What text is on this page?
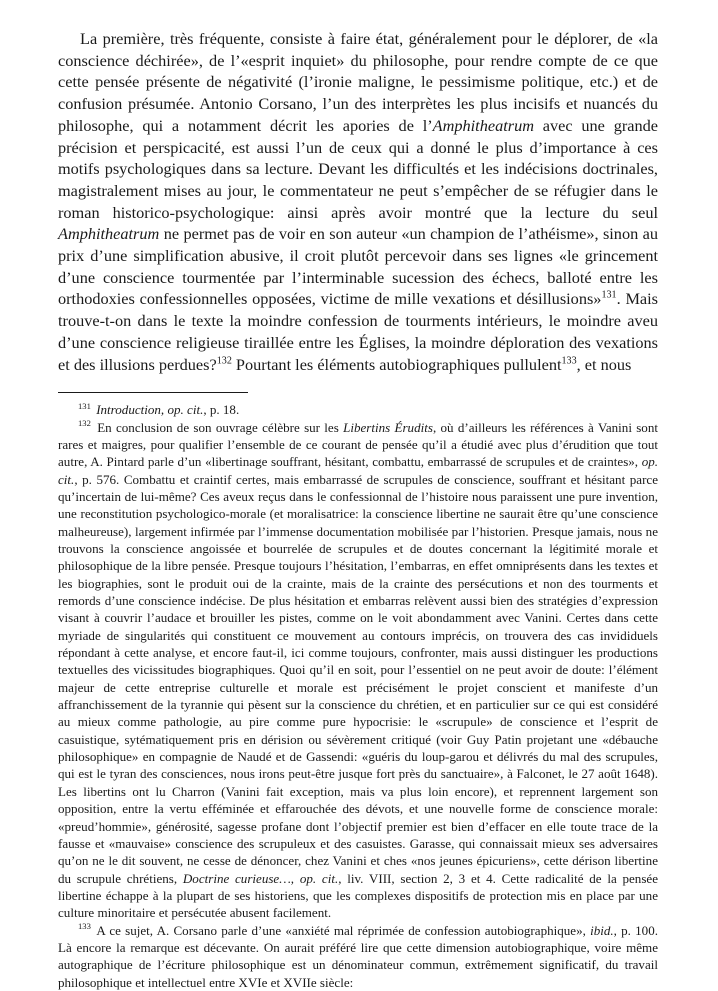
La première, très fréquente, consiste à faire état, généralement pour le déplorer, de «la conscience déchirée», de l’«esprit inquiet» du philosophe, pour rendre compte de ce que cette pensée présente de négativité (l’ironie maligne, le pessimisme politique, etc.) et de confusion présumée. Antonio Corsano, l’un des interprètes les plus incisifs et nuancés du philosophe, qui a notamment décrit les apories de l’Amphitheatrum avec une grande précision et perspicacité, est aussi l’un de ceux qui a donné le plus d’importance à ces motifs psychologiques dans sa lecture. Devant les difficultés et les indécisions doctrinales, magistralement mises au jour, le commentateur ne peut s’empêcher de se réfugier dans le roman historico-psychologique: ainsi après avoir montré que la lecture du seul Amphitheatrum ne permet pas de voir en son auteur «un champion de l’athéisme», sinon au prix d’une simplification abusive, il croit plutôt percevoir dans ses lignes «le grincement d’une conscience tourmentée par l’interminable sucession des échecs, balloté entre les orthodoxies confessionnelles opposées, victime de mille vexations et désillusions»$^{131}$. Mais trouve-t-on dans le texte la moindre confession de tourments intérieurs, le moindre aveu d’une conscience religieuse tiraillée entre les Églises, la moindre déploration des vexations et des illusions perdues?$^{132}$ Pourtant les éléments autobiographiques pullulent$^{133}$, et nous

$^{131}$ Introduction, op. cit., p. 18.

$^{132}$ En conclusion de son ouvrage célèbre sur les Libertins Érudits, où d’ailleurs les références à Vanini sont rares et maigres, pour qualifier l’ensemble de ce courant de pensée qu’il a étudié avec plus d’érudition que tout autre, A. Pintard parle d’un «libertinage souffrant, hésitant, combattu, embarrassé de scrupules et de craintes», op. cit., p. 576. Combattu et craintif certes, mais embarrassé de scrupules de conscience, souffrant et hésitant parce qu’incertain de lui-même? Ces aveux reçus dans le confessionnal de l’histoire nous paraissent une pure invention, une reconstitution psychologico-morale (et moralisatrice: la conscience libertine ne saurait être qu’une conscience malheureuse), largement infirmée par l’immense documentation mobilisée par l’historien. Presque jamais, nous ne trouvons la conscience angoissée et bourrelée de scrupules et de doutes concernant la légitimité morale et philosophique de la libre pensée. Presque toujours l’hésitation, l’embarras, en effet omniprésents dans les textes et les biographies, sont le produit oui de la crainte, mais de la crainte des persécutions et non des tourments et remords d’une conscience indécise. De plus hésitation et embarras relèvent aussi bien des stratégies d’expression visant à couvrir l’audace et brouiller les pistes, comme on le voit abondamment avec Vanini. Certes dans cette myriade de singularités qui constituent ce mouvement au contours imprécis, on trouvera des cas invididuels répondant à cette analyse, et encore faut-il, ici comme toujours, confronter, mais aussi distinguer les productions textuelles des vicissitudes biographiques. Quoi qu’il en soit, pour l’essentiel on ne peut avoir de doute: l’élément majeur de cette entreprise culturelle et morale est précisément le projet conscient et manifeste d’un affranchissement de la tyrannie qui pèsent sur la conscience du chrétien, et en particulier sur ce qui est considéré au mieux comme pathologie, au pire comme pure hypocrisie: le «scrupule» de conscience et l’esprit de casuistique, sytématiquement pris en dérision ou sévèrement critiqué (voir Guy Patin projetant une «débauche philosophique» en compagnie de Naudé et de Gassendi: «guéris du loup-garou et délivrés du mal des scrupules, qui est le tyran des consciences, nous irons peut-être jusque fort près du sanctuaire», à Falconet, le 27 août 1648). Les libertins ont lu Charron (Vanini fait exception, mais va plus loin encore), et reprennent largement son opposition, entre la vertu efféminée et effarouchée des dévots, et une nouvelle forme de conscience morale: «preud’hommie», générosité, sagesse profane dont l’objectif premier est bien d’effacer en elle toute trace de la fausse et «mauvaise» conscience des scrupuleux et des casuistes. Garasse, qui connaissait mieux ses adversaires qu’on ne le dit souvent, ne cesse de dénoncer, chez Vanini et ches «nos jeunes épicuriens», cette dérison libertine du scrupule chrétiens, Doctrine curieuse…, op. cit., liv. VIII, section 2, 3 et 4. Cette radicalité de la pensée libertine échappe à la plupart de ses historiens, que les complexes dispositifs de protection mis en place par une culture minoritaire et persécutée abusent facilement.

$^{133}$ A ce sujet, A. Corsano parle d’une «anxiété mal réprimée de confession autobiographique», ibid., p. 100. Là encore la remarque est décevante. On aurait préféré lire que cette dimension autobiographique, voire même autographique de l’écriture philosophique est un dénominateur commun, extrêmement significatif, du travail philosophique et intellectuel entre XVIe et XVIIe siècle:
